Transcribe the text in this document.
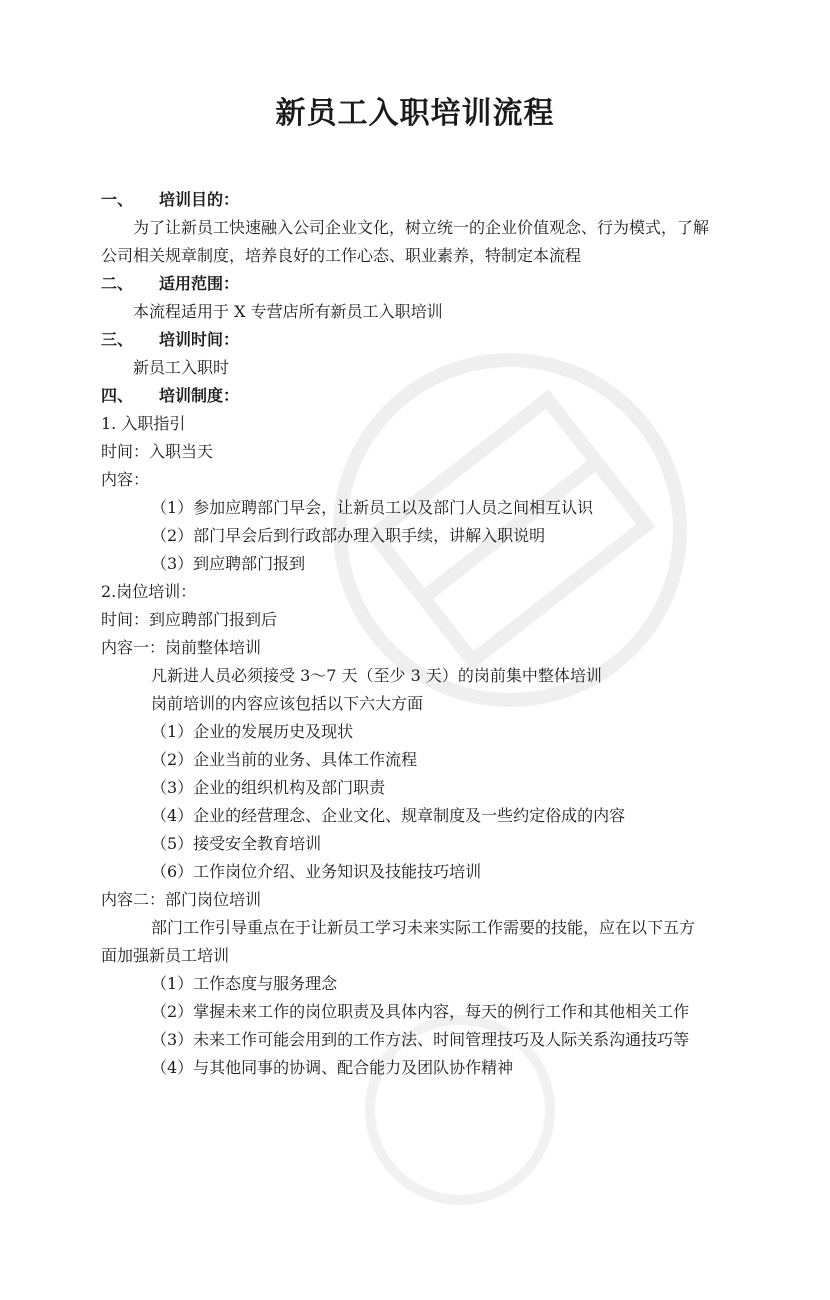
新员工入职培训流程
一、 培训目的：
为了让新员工快速融入公司企业文化，树立统一的企业价值观念、行为模式，了解
公司相关规章制度，培养良好的工作心态、职业素养，特制定本流程
二、 适用范围：
本流程适用于 X 专营店所有新员工入职培训
三、 培训时间：
新员工入职时
四、 培训制度：
1. 入职指引
时间：入职当天
内容：
（1）参加应聘部门早会，让新员工以及部门人员之间相互认识
（2）部门早会后到行政部办理入职手续，讲解入职说明
（3）到应聘部门报到
2.岗位培训：
时间：到应聘部门报到后
内容一：岗前整体培训
凡新进人员必须接受 3～7 天（至少 3 天）的岗前集中整体培训
岗前培训的内容应该包括以下六大方面
（1）企业的发展历史及现状
（2）企业当前的业务、具体工作流程
（3）企业的组织机构及部门职责
（4）企业的经营理念、企业文化、规章制度及一些约定俗成的内容
（5）接受安全教育培训
（6）工作岗位介绍、业务知识及技能技巧培训
内容二：部门岗位培训
部门工作引导重点在于让新员工学习未来实际工作需要的技能，应在以下五方
面加强新员工培训
（1）工作态度与服务理念
（2）掌握未来工作的岗位职责及具体内容，每天的例行工作和其他相关工作
（3）未来工作可能会用到的工作方法、时间管理技巧及人际关系沟通技巧等
（4）与其他同事的协调、配合能力及团队协作精神
